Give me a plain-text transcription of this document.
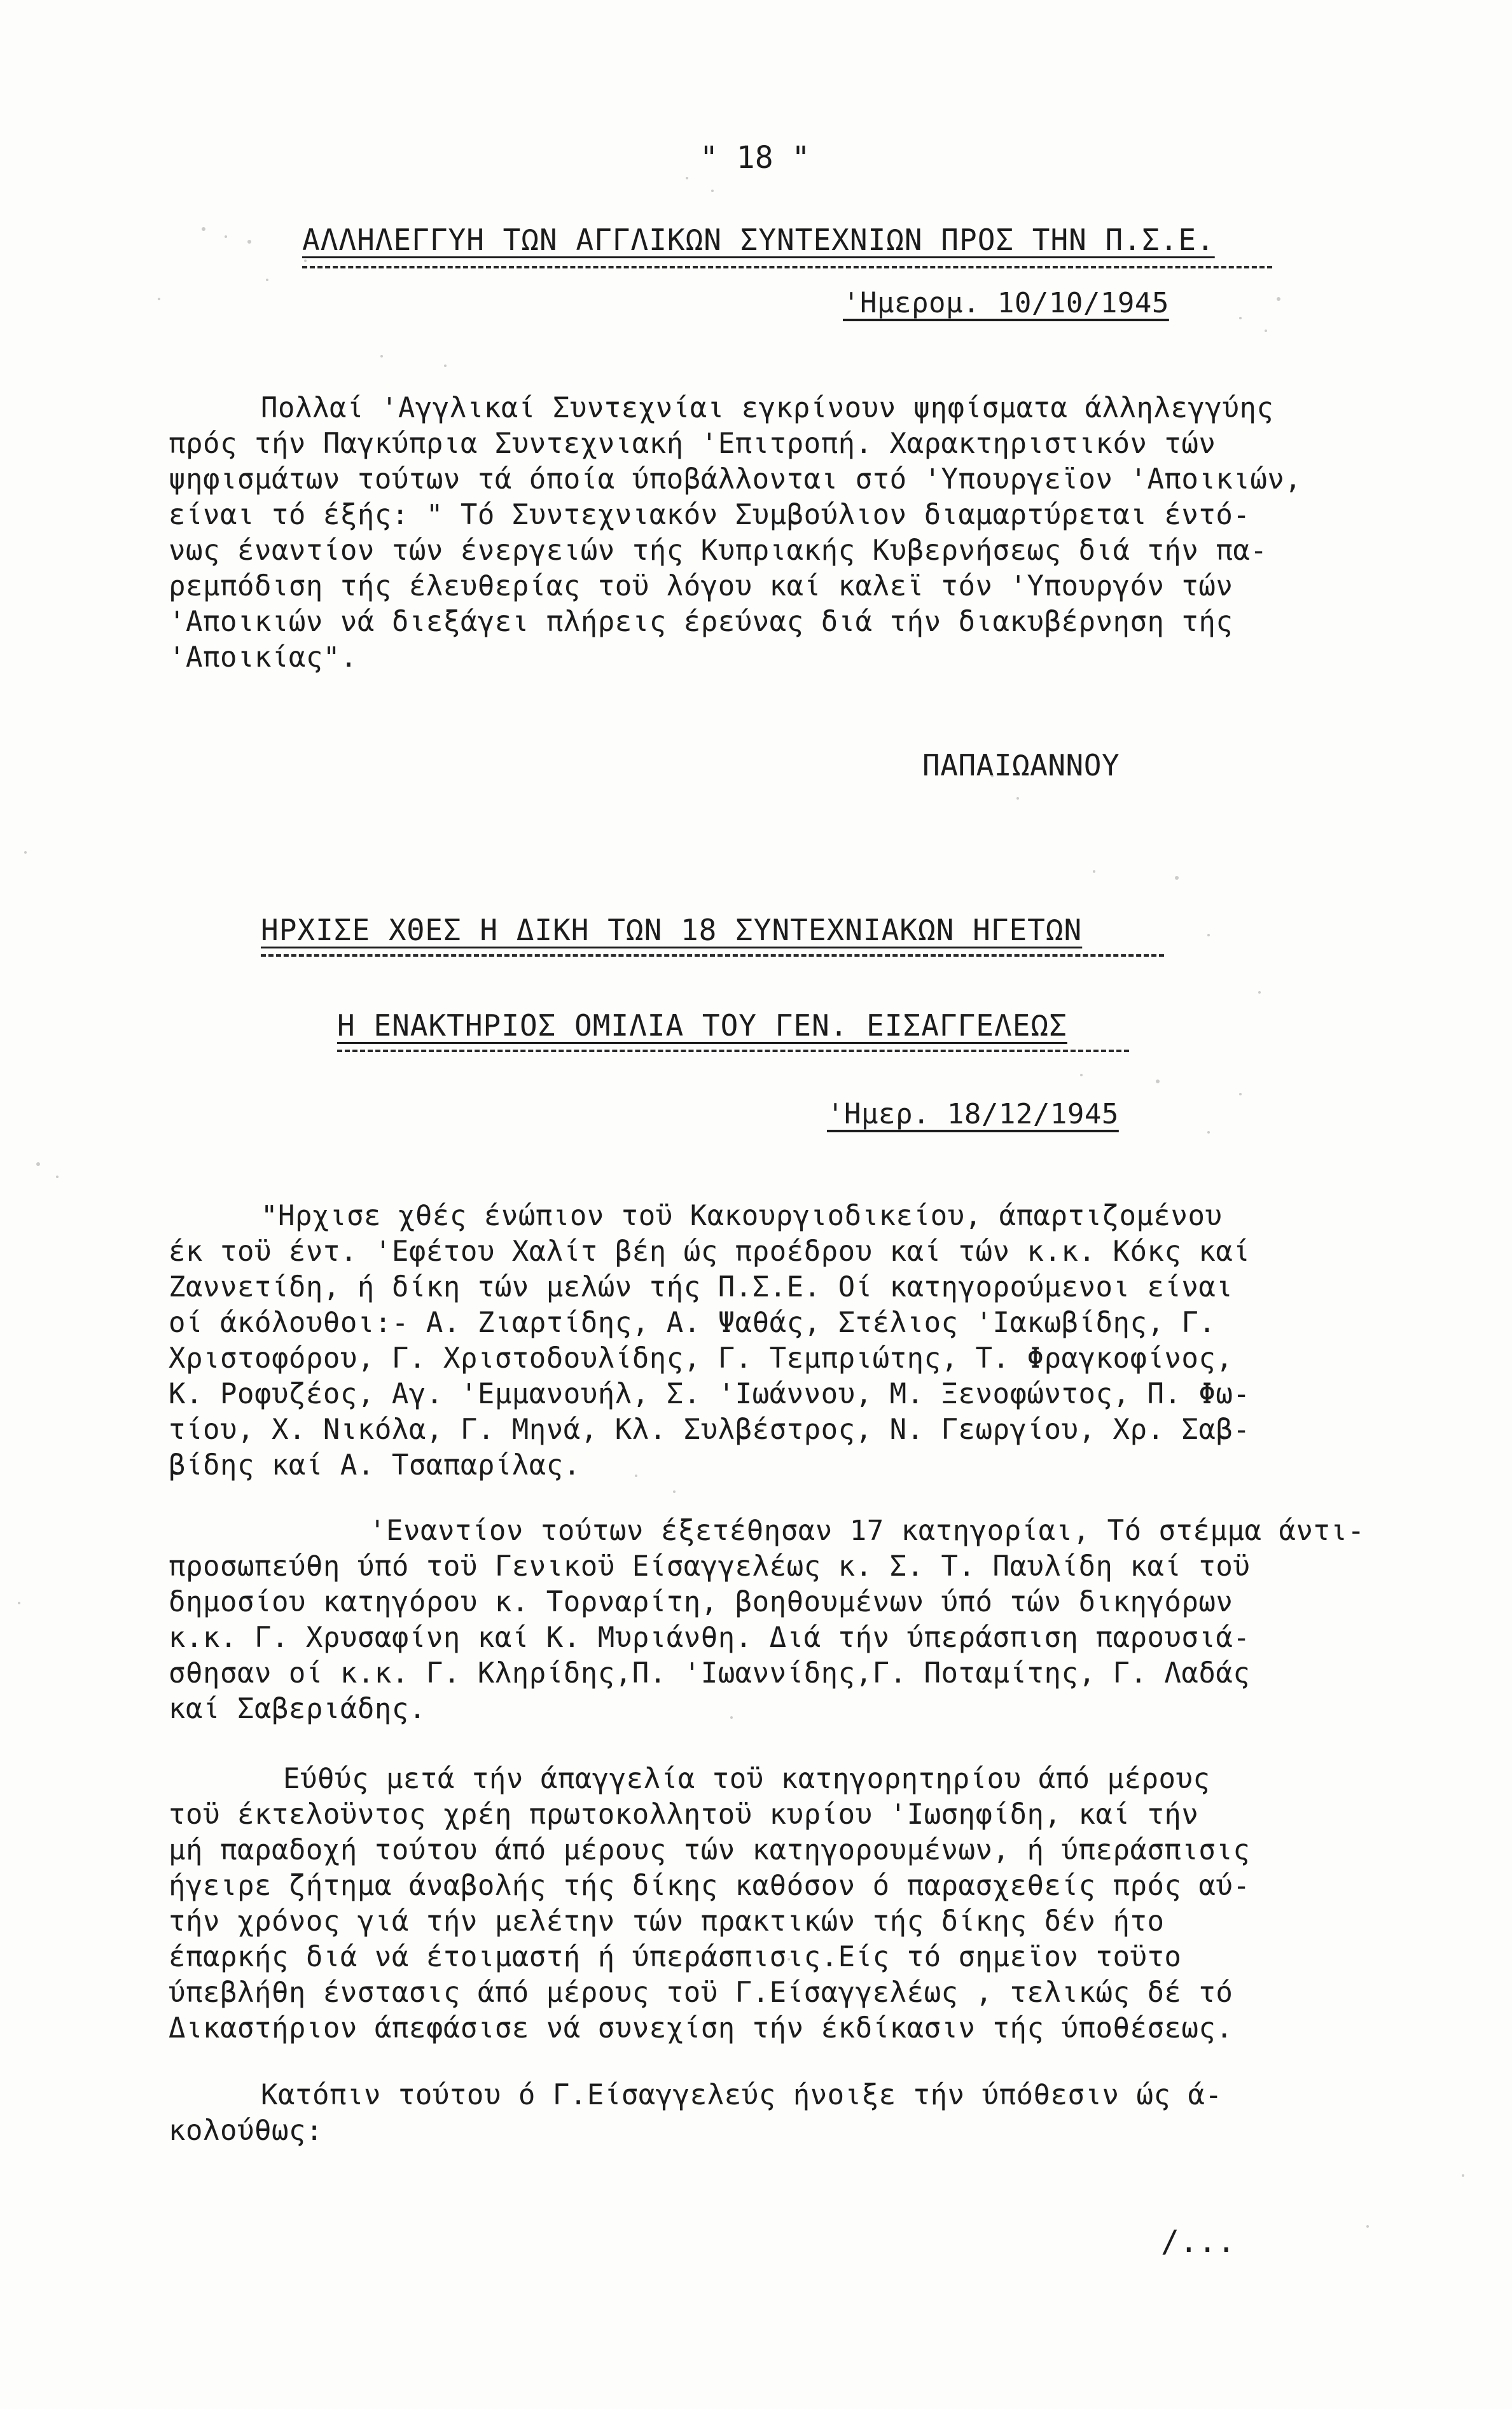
" 18 "
ΑΛΛΗΛΕΓΓΥΗ ΤΩΝ ΑΓΓΛΙΚΩΝ ΣΥΝΤΕΧΝΙΩΝ ΠΡΟΣ ΤΗΝ Π.Σ.Ε.
'Ημερομ. 10/10/1945
Πολλαί 'Αγγλικαί Συντεχνίαι εγκρίνουν ψηφίσματα άλληλεγγύης
πρός τήν Παγκύπρια Συντεχνιακή 'Επιτροπή. Χαρακτηριστικόν τών
ψηφισμάτων τούτων τά όποία ύποβάλλονται στό 'Υπουργεϊον 'Αποικιών,
είναι τό έξής: " Τό Συντεχνιακόν Συμβούλιον διαμαρτύρεται έντό-
νως έναντίον τών ένεργειών τής Κυπριακής Κυβερνήσεως διά τήν πα-
ρεμπόδιση τής έλευθερίας τοϋ λόγου καί καλεϊ τόν 'Υπουργόν τών
'Αποικιών νά διεξάγει πλήρεις έρεύνας διά τήν διακυβέρνηση τής
'Αποικίας".
ΠΑΠΑΙΩΑΝΝΟΥ
ΗΡΧΙΣΕ ΧΘΕΣ Η ΔΙΚΗ ΤΩΝ 18 ΣΥΝΤΕΧΝΙΑΚΩΝ ΗΓΕΤΩΝ
Η ΕΝΑΚΤΗΡΙΟΣ ΟΜΙΛΙΑ ΤΟΥ ΓΕΝ. ΕΙΣΑΓΓΕΛΕΩΣ
'Ημερ. 18/12/1945
"Ηρχισε χθές ένώπιον τοϋ Κακουργιοδικείου, άπαρτιζομένου
έκ τοϋ έντ. 'Εφέτου Χαλίτ βέη ώς προέδρου καί τών κ.κ. Κόκς καί
Ζαννετίδη, ή δίκη τών μελών τής Π.Σ.Ε. Οί κατηγορούμενοι είναι
οί άκόλουθοι:- Α. Ζιαρτίδης, Α. Ψαθάς, Στέλιος 'Ιακωβίδης, Γ.
Χριστοφόρου, Γ. Χριστοδουλίδης, Γ. Τεμπριώτης, Τ. Φραγκοφίνος,
Κ. Ροφυζέος, Αγ. 'Εμμανουήλ, Σ. 'Ιωάννου, Μ. Ξενοφώντος, Π. Φω-
τίου, Χ. Νικόλα, Γ. Μηνά, Κλ. Συλβέστρος, Ν. Γεωργίου, Χρ. Σαβ-
βίδης καί Α. Τσαπαρίλας.
'Εναντίον τούτων έξετέθησαν 17 κατηγορίαι, Τό στέμμα άντι-
προσωπεύθη ύπό τοϋ Γενικοϋ Είσαγγελέως κ. Σ. Τ. Παυλίδη καί τοϋ
δημοσίου κατηγόρου κ. Τορναρίτη, βοηθουμένων ύπό τών δικηγόρων
κ.κ. Γ. Χρυσαφίνη καί Κ. Μυριάνθη. Διά τήν ύπεράσπιση παρουσιά-
σθησαν οί κ.κ. Γ. Κληρίδης,Π. 'Ιωαννίδης,Γ. Ποταμίτης, Γ. Λαδάς
καί Σαβεριάδης.
Εύθύς μετά τήν άπαγγελία τοϋ κατηγορητηρίου άπό μέρους
τοϋ έκτελοϋντος χρέη πρωτοκολλητοϋ κυρίου 'Ιωσηφίδη, καί τήν
μή παραδοχή τούτου άπό μέρους τών κατηγορουμένων, ή ύπεράσπισις
ήγειρε ζήτημα άναβολής τής δίκης καθόσον ό παρασχεθείς πρός αύ-
τήν χρόνος γιά τήν μελέτην τών πρακτικών τής δίκης δέν ήτο
έπαρκής διά νά έτοιμαστή ή ύπεράσπισις.Είς τό σημεϊον τοϋτο
ύπεβλήθη ένστασις άπό μέρους τοϋ Γ.Είσαγγελέως , τελικώς δέ τό
Δικαστήριον άπεφάσισε νά συνεχίση τήν έκδίκασιν τής ύποθέσεως.
Κατόπιν τούτου ό Γ.Είσαγγελεύς ήνοιξε τήν ύπόθεσιν ώς ά-
κολούθως:
/...
